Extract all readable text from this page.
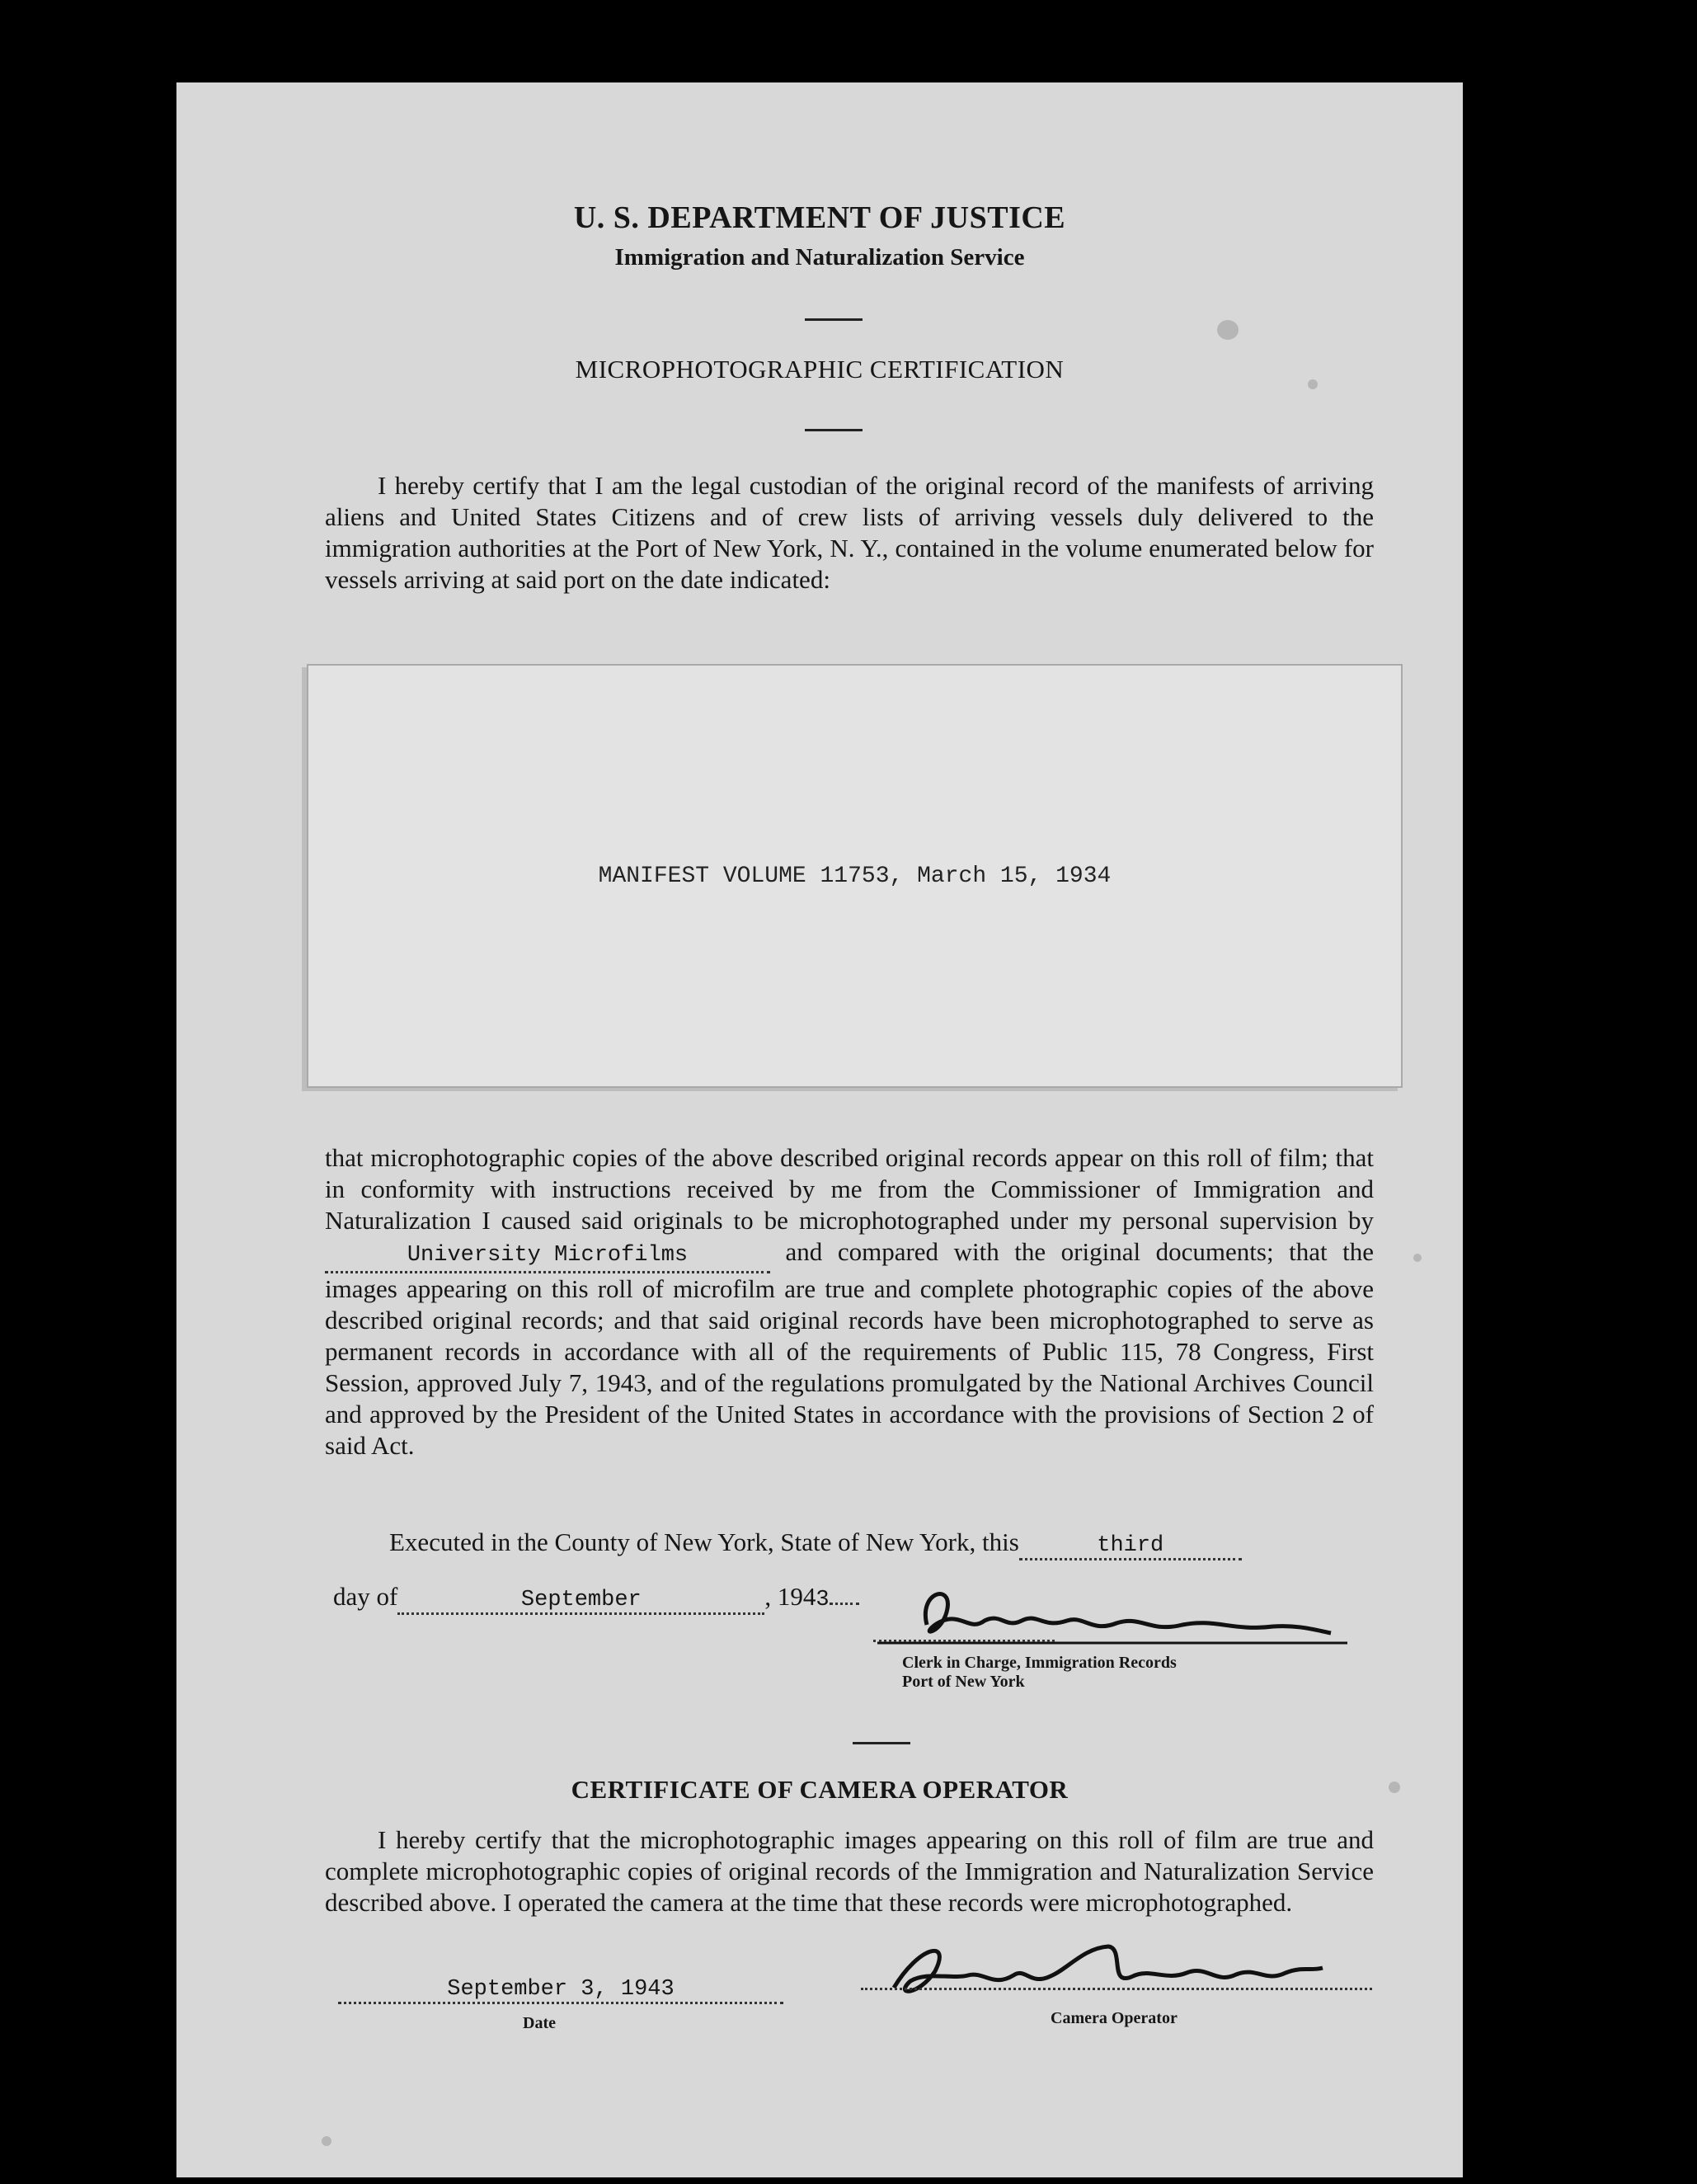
U. S. DEPARTMENT OF JUSTICE
Immigration and Naturalization Service
MICROPHOTOGRAPHIC CERTIFICATION

I hereby certify that I am the legal custodian of the original record of the manifests of arriving aliens and United States Citizens and of crew lists of arriving vessels duly delivered to the immigration authorities at the Port of New York, N. Y., contained in the volume enumerated below for vessels arriving at said port on the date indicated:

MANIFEST VOLUME 11753, March 15, 1934

that microphotographic copies of the above described original records appear on this roll of film; that in conformity with instructions received by me from the Commissioner of Immigration and Naturalization I caused said originals to be microphotographed under my personal supervision by University Microfilms	and compared with the original documents; that the images appearing on this roll of microfilm are true and complete photographic copies of the above described original records; and that said original records have been microphotographed to serve as permanent records in accordance with all of the requirements of Public 115, 78 Congress, First Session, approved July 7, 1943, and of the regulations promulgated by the National Archives Council and approved by the President of the United States in accordance with the provisions of Section 2 of said Act.

Executed in the County of New York, State of New York, this	third
day of	September	, 1943
Clerk in Charge, Immigration Records
Port of New York
CERTIFICATE OF CAMERA OPERATOR

I hereby certify that the microphotographic images appearing on this roll of film are true and complete microphotographic copies of original records of the Immigration and Naturalization Service described above. I operated the camera at the time that these records were microphotographed.

September 3, 1943
Date	Camera Operator
